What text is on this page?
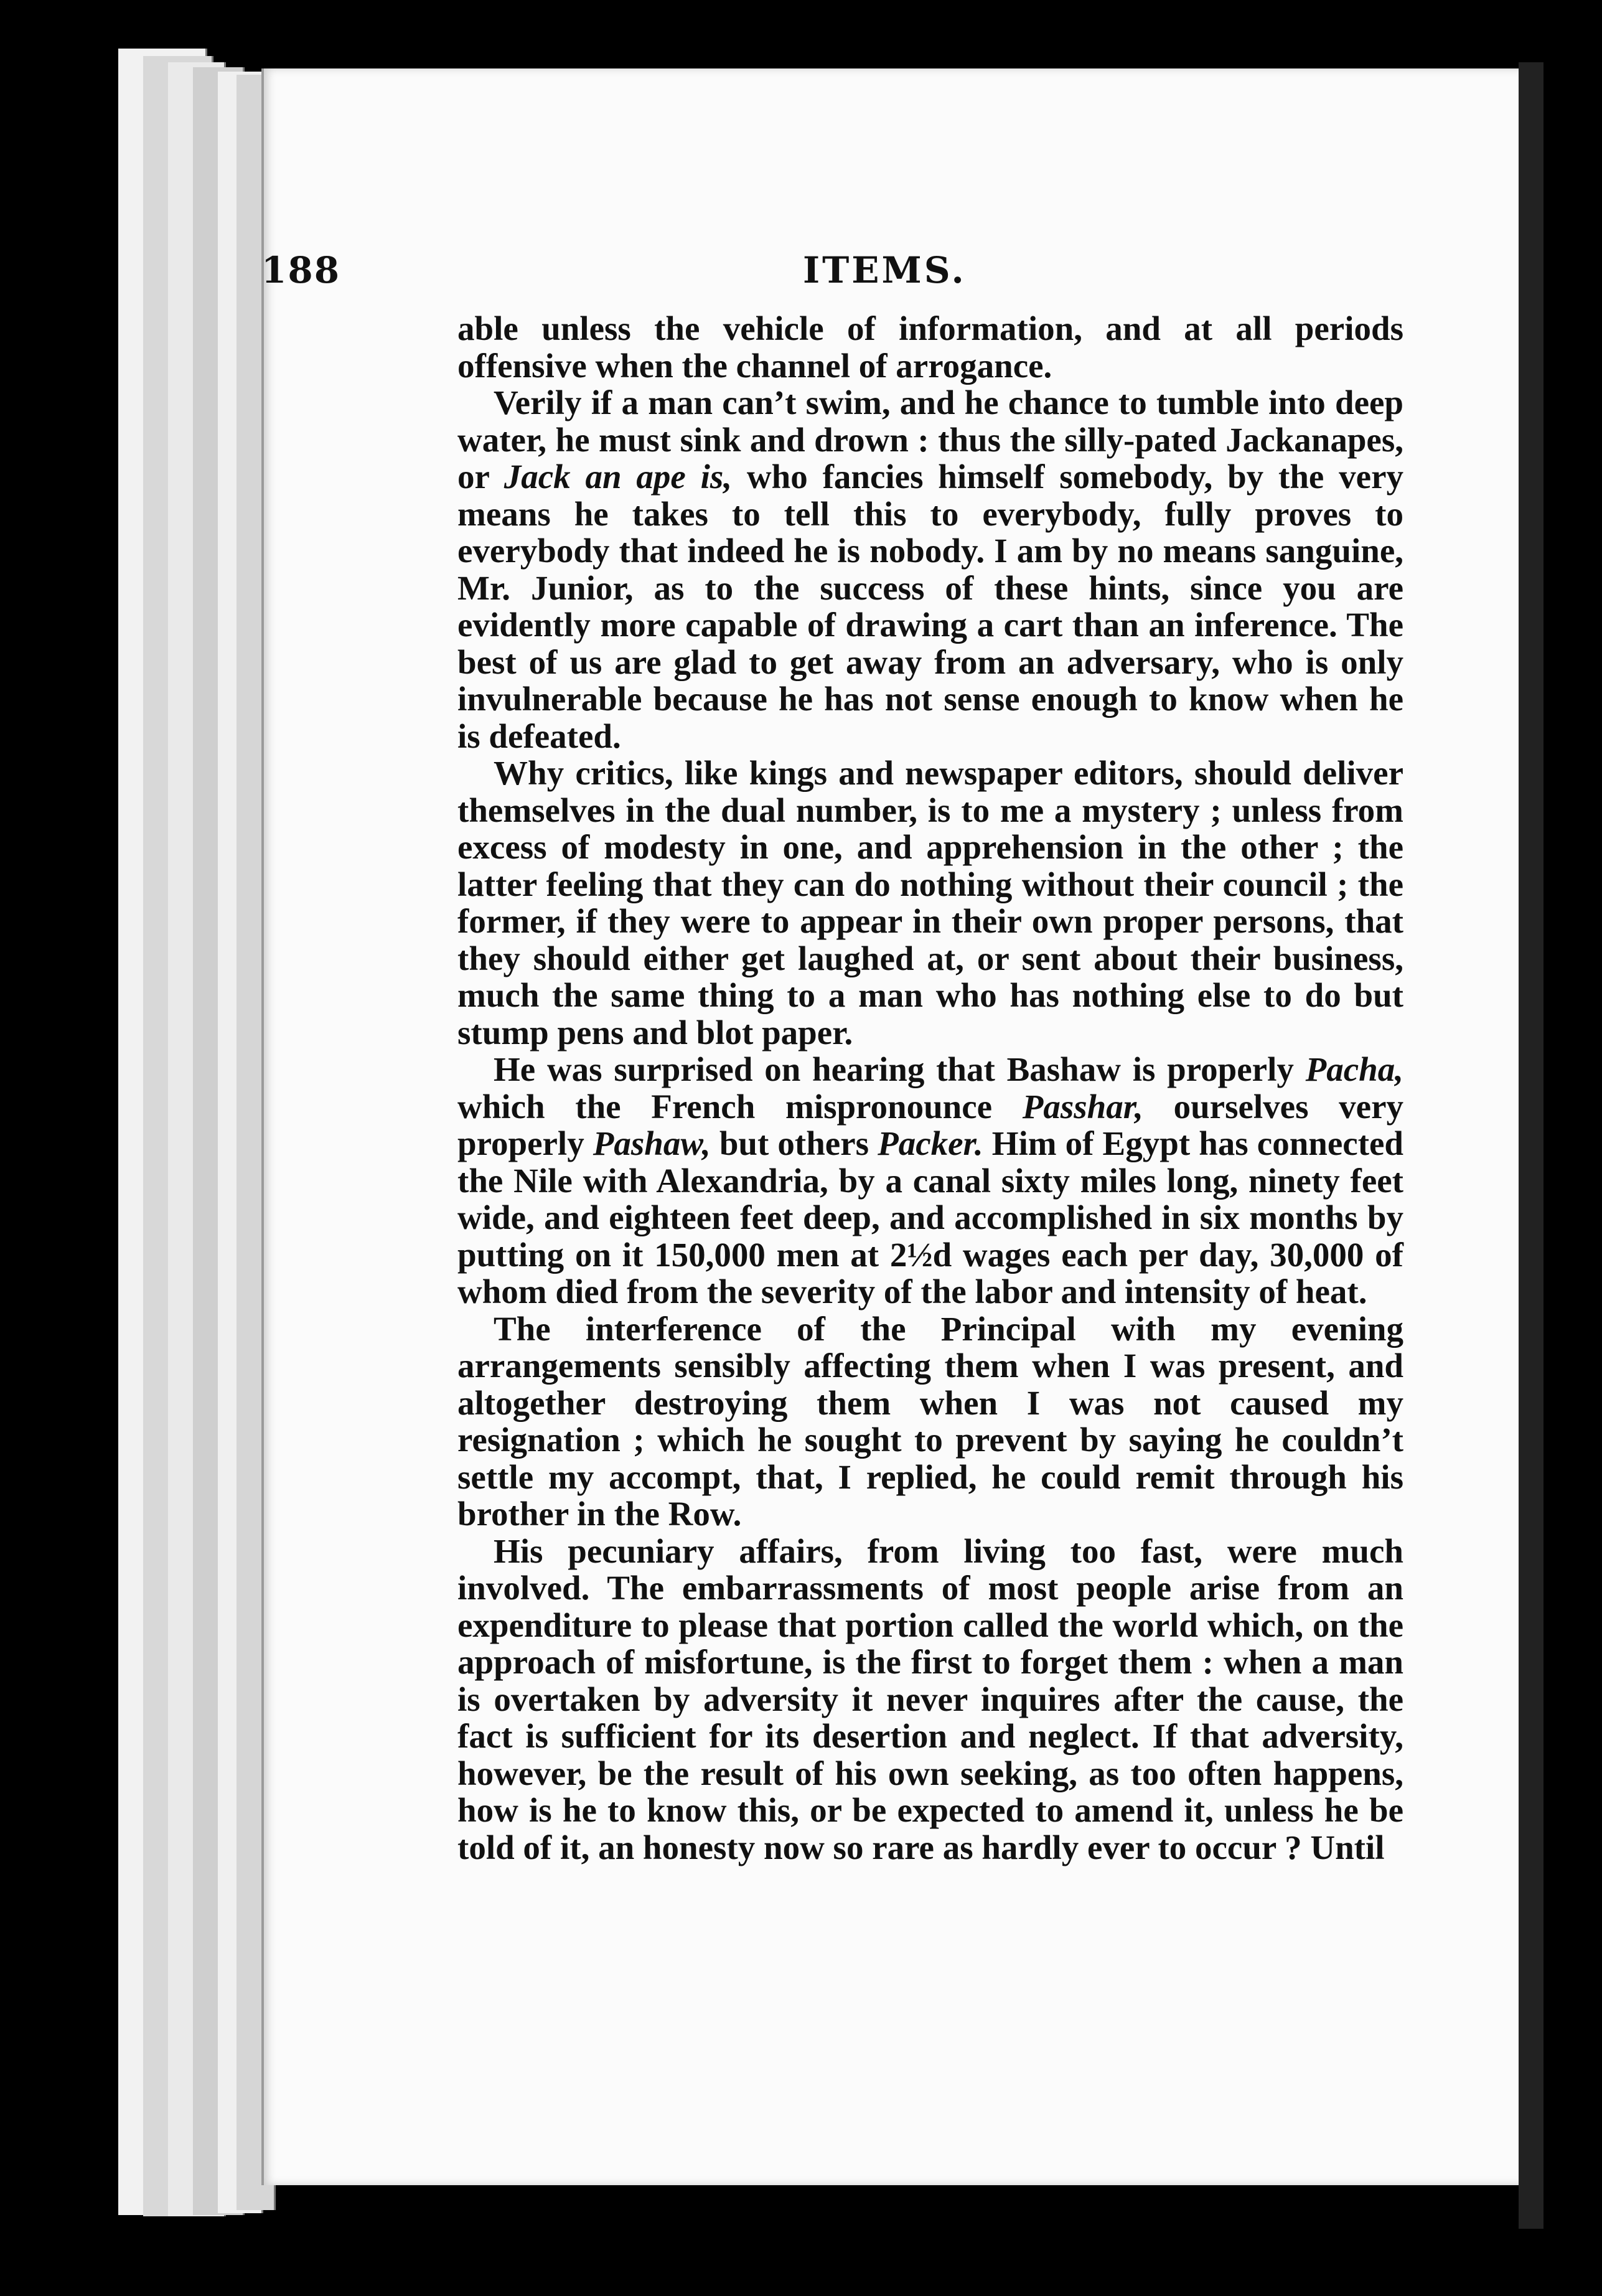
188	ITEMS.

able unless the vehicle of information, and at all periods offensive when the channel of arrogance.

Verily if a man can’t swim, and he chance to tumble into deep water, he must sink and drown : thus the silly-pated Jackanapes, or Jack an ape is, who fancies himself somebody, by the very means he takes to tell this to everybody, fully proves to everybody that indeed he is nobody. I am by no means sanguine, Mr. Junior, as to the success of these hints, since you are evidently more capable of drawing a cart than an inference. The best of us are glad to get away from an adversary, who is only invulnerable because he has not sense enough to know when he is defeated.

Why critics, like kings and newspaper editors, should deliver themselves in the dual number, is to me a mystery ; unless from excess of modesty in one, and apprehension in the other ; the latter feeling that they can do nothing without their council ; the former, if they were to appear in their own proper persons, that they should either get laughed at, or sent about their business, much the same thing to a man who has nothing else to do but stump pens and blot paper.

He was surprised on hearing that Bashaw is properly Pacha, which the French mispronounce Passhar, ourselves very properly Pashaw, but others Packer. Him of Egypt has connected the Nile with Alexandria, by a canal sixty miles long, ninety feet wide, and eighteen feet deep, and accomplished in six months by putting on it 150,000 men at 2½d wages each per day, 30,000 of whom died from the severity of the labor and intensity of heat.

The interference of the Principal with my evening arrangements sensibly affecting them when I was present, and altogether destroying them when I was not caused my resignation ; which he sought to prevent by saying he couldn’t settle my accompt, that, I replied, he could remit through his brother in the Row.

His pecuniary affairs, from living too fast, were much involved. The embarrassments of most people arise from an expenditure to please that portion called the world which, on the approach of misfortune, is the first to forget them : when a man is overtaken by adversity it never inquires after the cause, the fact is sufficient for its desertion and neglect. If that adversity, however, be the result of his own seeking, as too often happens, how is he to know this, or be expected to amend it, unless he be told of it, an honesty now so rare as hardly ever to occur ? Until
